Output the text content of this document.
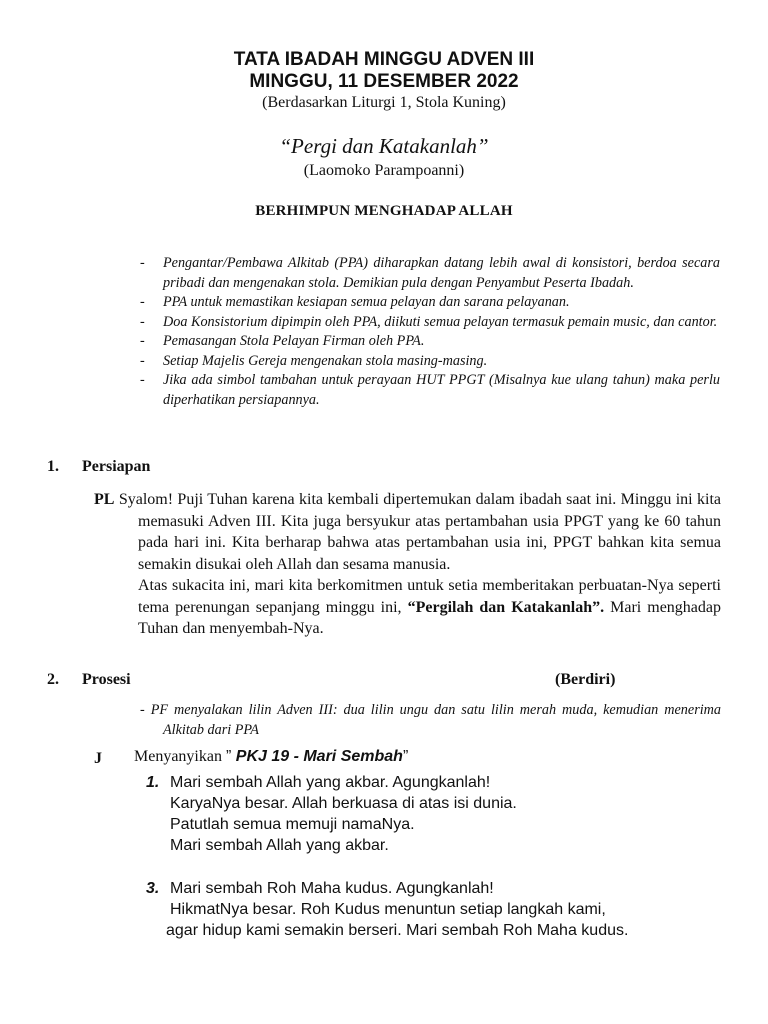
TATA IBADAH MINGGU ADVEN III
MINGGU, 11 DESEMBER 2022
(Berdasarkan Liturgi 1, Stola Kuning)
“Pergi dan Katakanlah”
(Laomoko Parampoanni)
BERHIMPUN MENGHADAP ALLAH
- Pengantar/Pembawa Alkitab (PPA) diharapkan datang lebih awal di konsistori, berdoa secara pribadi dan mengenakan stola. Demikian pula dengan Penyambut Peserta Ibadah.
- PPA untuk memastikan kesiapan semua pelayan dan sarana pelayanan.
- Doa Konsistorium dipimpin oleh PPA, diikuti semua pelayan termasuk pemain music, dan cantor.
- Pemasangan Stola Pelayan Firman oleh PPA.
- Setiap Majelis Gereja mengenakan stola masing-masing.
- Jika ada simbol tambahan untuk perayaan HUT PPGT (Misalnya kue ulang tahun) maka perlu diperhatikan persiapannya.
1. Persiapan

PL Syalom! Puji Tuhan karena kita kembali dipertemukan dalam ibadah saat ini. Minggu ini kita memasuki Adven III. Kita juga bersyukur atas pertambahan usia PPGT yang ke 60 tahun pada hari ini. Kita berharap bahwa atas pertambahan usia ini, PPGT bahkan kita semua semakin disukai oleh Allah dan sesama manusia.

Atas sukacita ini, mari kita berkomitmen untuk setia memberitakan perbuatan-Nya seperti tema perenungan sepanjang minggu ini, “Pergilah dan Katakanlah”. Mari menghadap Tuhan dan menyembah-Nya.

2. Prosesi	(Berdiri)
- PF menyalakan lilin Adven III: dua lilin ungu dan satu lilin merah muda, kemudian menerima Alkitab dari PPA
J Menyanyikan ” PKJ 19 - Mari Sembah”
1. Mari sembah Allah yang akbar. Agungkanlah!
KaryaNya besar. Allah berkuasa di atas isi dunia.
Patutlah semua memuji namaNya.
Mari sembah Allah yang akbar.
3. Mari sembah Roh Maha kudus. Agungkanlah!
HikmatNya besar. Roh Kudus menuntun setiap langkah kami,
agar hidup kami semakin berseri. Mari sembah Roh Maha kudus.
